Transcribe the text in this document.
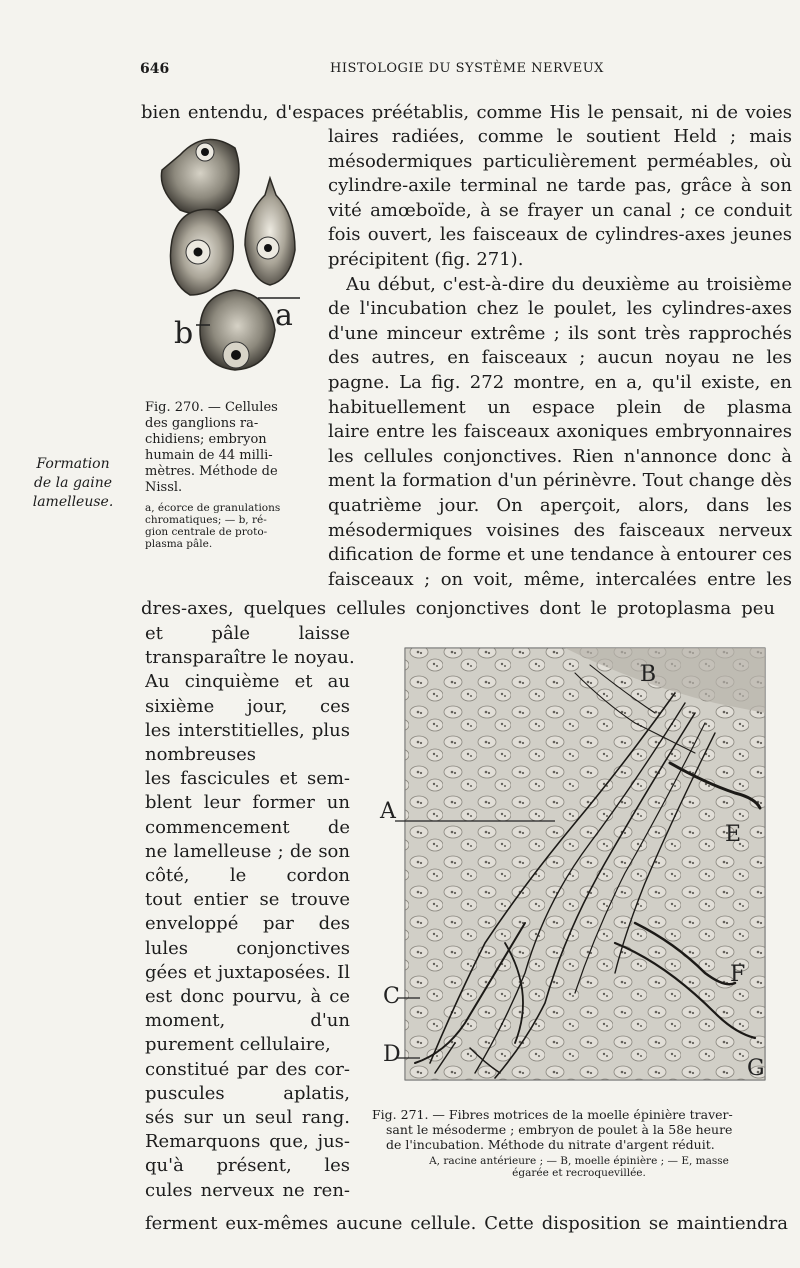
646	HISTOLOGIE DU SYSTÈME NERVEUX
bien entendu, d'espaces préétablis, comme His le pensait, ni de voies
laires radiées, comme le soutient Held ; mais
mésodermiques particulièrement perméables, où
cylindre-axile terminal ne tarde pas, grâce à son
vité amœboïde, à se frayer un canal ; ce conduit
fois ouvert, les faisceaux de cylindres-axes jeunes
précipitent (fig. 271).
Au début, c'est-à-dire du deuxième au troisième
de l'incubation chez le poulet, les cylindres-axes
d'une minceur extrême ; ils sont très rapprochés
des autres, en faisceaux ; aucun noyau ne les
pagne. La fig. 272 montre, en a, qu'il existe, en
habituellement un espace plein de plasma
laire entre les faisceaux axoniques embryonnaires
les cellules conjonctives. Rien n'annonce donc à
ment la formation d'un périnèvre. Tout change dès
quatrième jour. On aperçoit, alors, dans les
mésodermiques voisines des faisceaux nerveux
dification de forme et une tendance à entourer ces
faisceaux ; on voit, même, intercalées entre les
dres-axes, quelques cellules conjonctives dont le protoplasma peu
et pâle laisse
transparaître le noyau.
Au cinquième et au
sixième jour, ces
les interstitielles, plus
nombreuses
les fascicules et sem-
blent leur former un
commencement de
ne lamelleuse ; de son
côté, le cordon
tout entier se trouve
enveloppé par des
lules conjonctives
gées et juxtaposées. Il
est donc pourvu, à ce
moment, d'un
purement cellulaire,
constitué par des cor-
puscules aplatis,
sés sur un seul rang.
Remarquons que, jus-
qu'à présent, les
cules nerveux ne ren-
ferment eux-mêmes aucune cellule. Cette disposition se maintiendra
Formation
de la gaine
lamelleuse.
a
b
Fig. 270. — Cellules
des ganglions ra-
chidiens; embryon
humain de 44 milli-
mètres. Méthode de
Nissl.
a, écorce de granulations
chromatiques; — b, ré-
gion centrale de proto-
plasma pâle.
A
B
C
D
E
F
G
Fig. 271. — Fibres motrices de la moelle épinière traver-
sant le mésoderme ; embryon de poulet à la 58e heure
de l'incubation. Méthode du nitrate d'argent réduit.
A, racine antérieure ; — B, moelle épinière ; — E, masse
égarée et recroquevillée.
